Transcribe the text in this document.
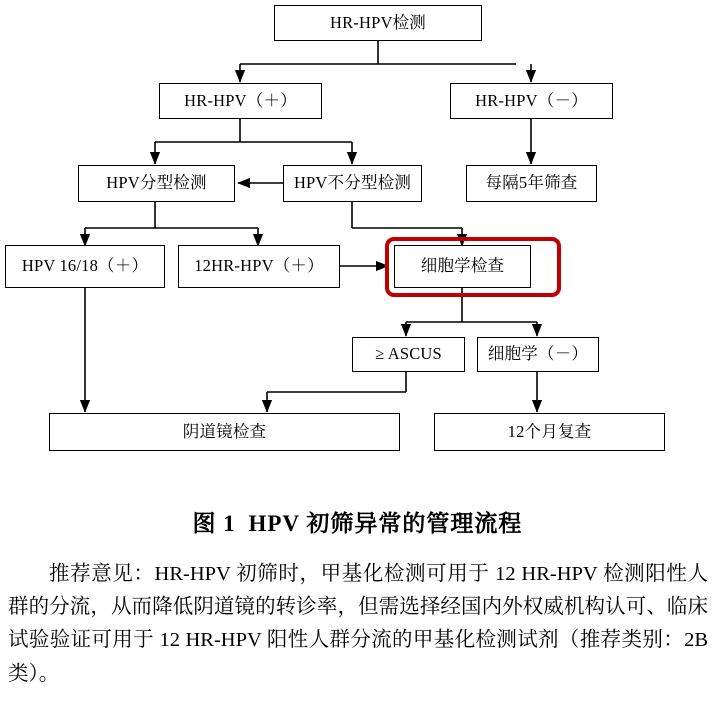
HR-HPV检测
HR-HPV（＋）	HR-HPV（－）
HPV分型检测	HPV不分型检测	每隔5年筛查
HPV 16/18（＋）	12HR-HPV（＋）	细胞学检查
≥ ASCUS	细胞学（－）
阴道镜检查	12个月复查
图 1 HPV 初筛异常的管理流程

推荐意见：HR-HPV 初筛时，甲基化检测可用于 12 HR-HPV 检测阳性人群的分流，从而降低阴道镜的转诊率，但需选择经国内外权威机构认可、临床试验验证可用于 12 HR-HPV 阳性人群分流的甲基化检测试剂（推荐类别：2B 类）。
